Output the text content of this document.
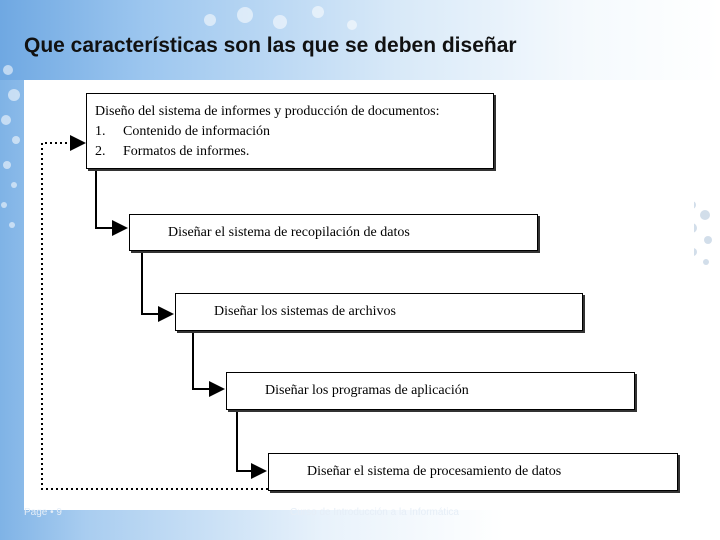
Que características son las que se deben diseñar
Diseño del sistema de informes y producción de documentos:
1. Contenido de información
2. Formatos de informes.
Diseñar el sistema de recopilación de datos
Diseñar los sistemas de archivos
Diseñar los programas de aplicación
Diseñar el sistema de procesamiento de datos
Page • 9	Curso de Introducción a la Informática
